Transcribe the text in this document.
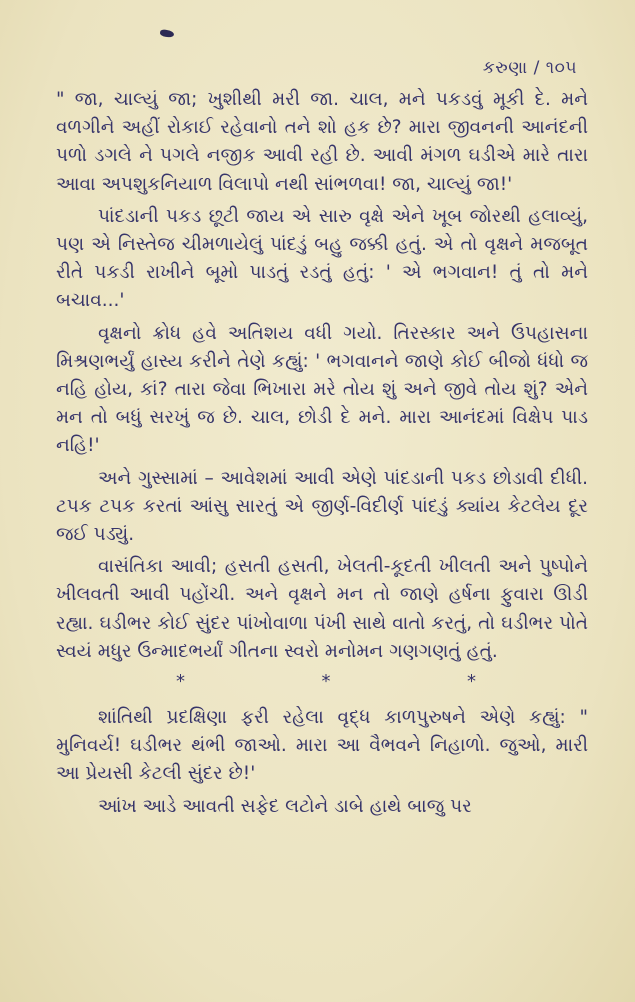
કરુણા / ૧૦૫

" જા, ચાલ્યું જા; ખુશીથી મરી જા. ચાલ, મને પકડવું મૂકી દે. મને વળગીને અહીં રોકાઈ રહેવાનો તને શો હક છે? મારા જીવનની આનંદની પળો ડગલે ને પગલે નજીક આવી રહી છે. આવી મંગળ ઘડીએ મારે તારા આવા અપશુકનિયાળ વિલાપો નથી સાંભળવા! જા, ચાલ્યું જા!'

પાંદડાની પકડ છૂટી જાય એ સારુ વૃક્ષે એને ખૂબ જોરથી હલાવ્યું, પણ એ નિસ્તેજ ચીમળાયેલું પાંદડું બહુ જક્કી હતું. એ તો વૃક્ષને મજબૂત રીતે પકડી રાખીને બૂમો પાડતું રડતું હતું: ' એ ભગવાન! તું તો મને બચાવ...'

વૃક્ષનો ક્રોધ હવે અતિશય વધી ગયો. તિરસ્કાર અને ઉપહાસના મિશ્રણભર્યું હાસ્ય કરીને તેણે કહ્યું: ' ભગવાનને જાણે કોઈ બીજો ધંધો જ નહિ હોય, કાં? તારા જેવા ભિખારા મરે તોય શું અને જીવે તોય શું? એને મન તો બધું સરખું જ છે. ચાલ, છોડી દે મને. મારા આનંદમાં વિક્ષેપ પાડ નહિ!'

અને ગુસ્સામાં – આવેશમાં આવી એણે પાંદડાની પકડ છોડાવી દીધી. ટપક ટપક કરતાં આંસુ સારતું એ જીર્ણ-વિદીર્ણ પાંદડું ક્યાંય કેટલેય દૂર જઈ પડ્યું.

વાસંતિકા આવી; હસતી હસતી, ખેલતી-કૂદતી ખીલતી અને પુષ્પોને ખીલવતી આવી પહોંચી. અને વૃક્ષને મન તો જાણે હર્ષના ફુવારા ઊડી રહ્યા. ઘડીભર કોઈ સુંદર પાંખોવાળા પંખી સાથે વાતો કરતું, તો ઘડીભર પોતે સ્વયં મધુર ઉન્માદભર્યાં ગીતના સ્વરો મનોમન ગણગણતું હતું.

*	*	*

શાંતિથી પ્રદક્ષિણા ફરી રહેલા વૃદ્ધ કાળપુરુષને એણે કહ્યું: " મુનિવર્ય! ઘડીભર થંભી જાઓ. મારા આ વૈભવને નિહાળો. જુઓ, મારી આ પ્રેયસી કેટલી સુંદર છે!'

આંખ આડે આવતી સફેદ લટોને ડાબે હાથે બાજુ પર
